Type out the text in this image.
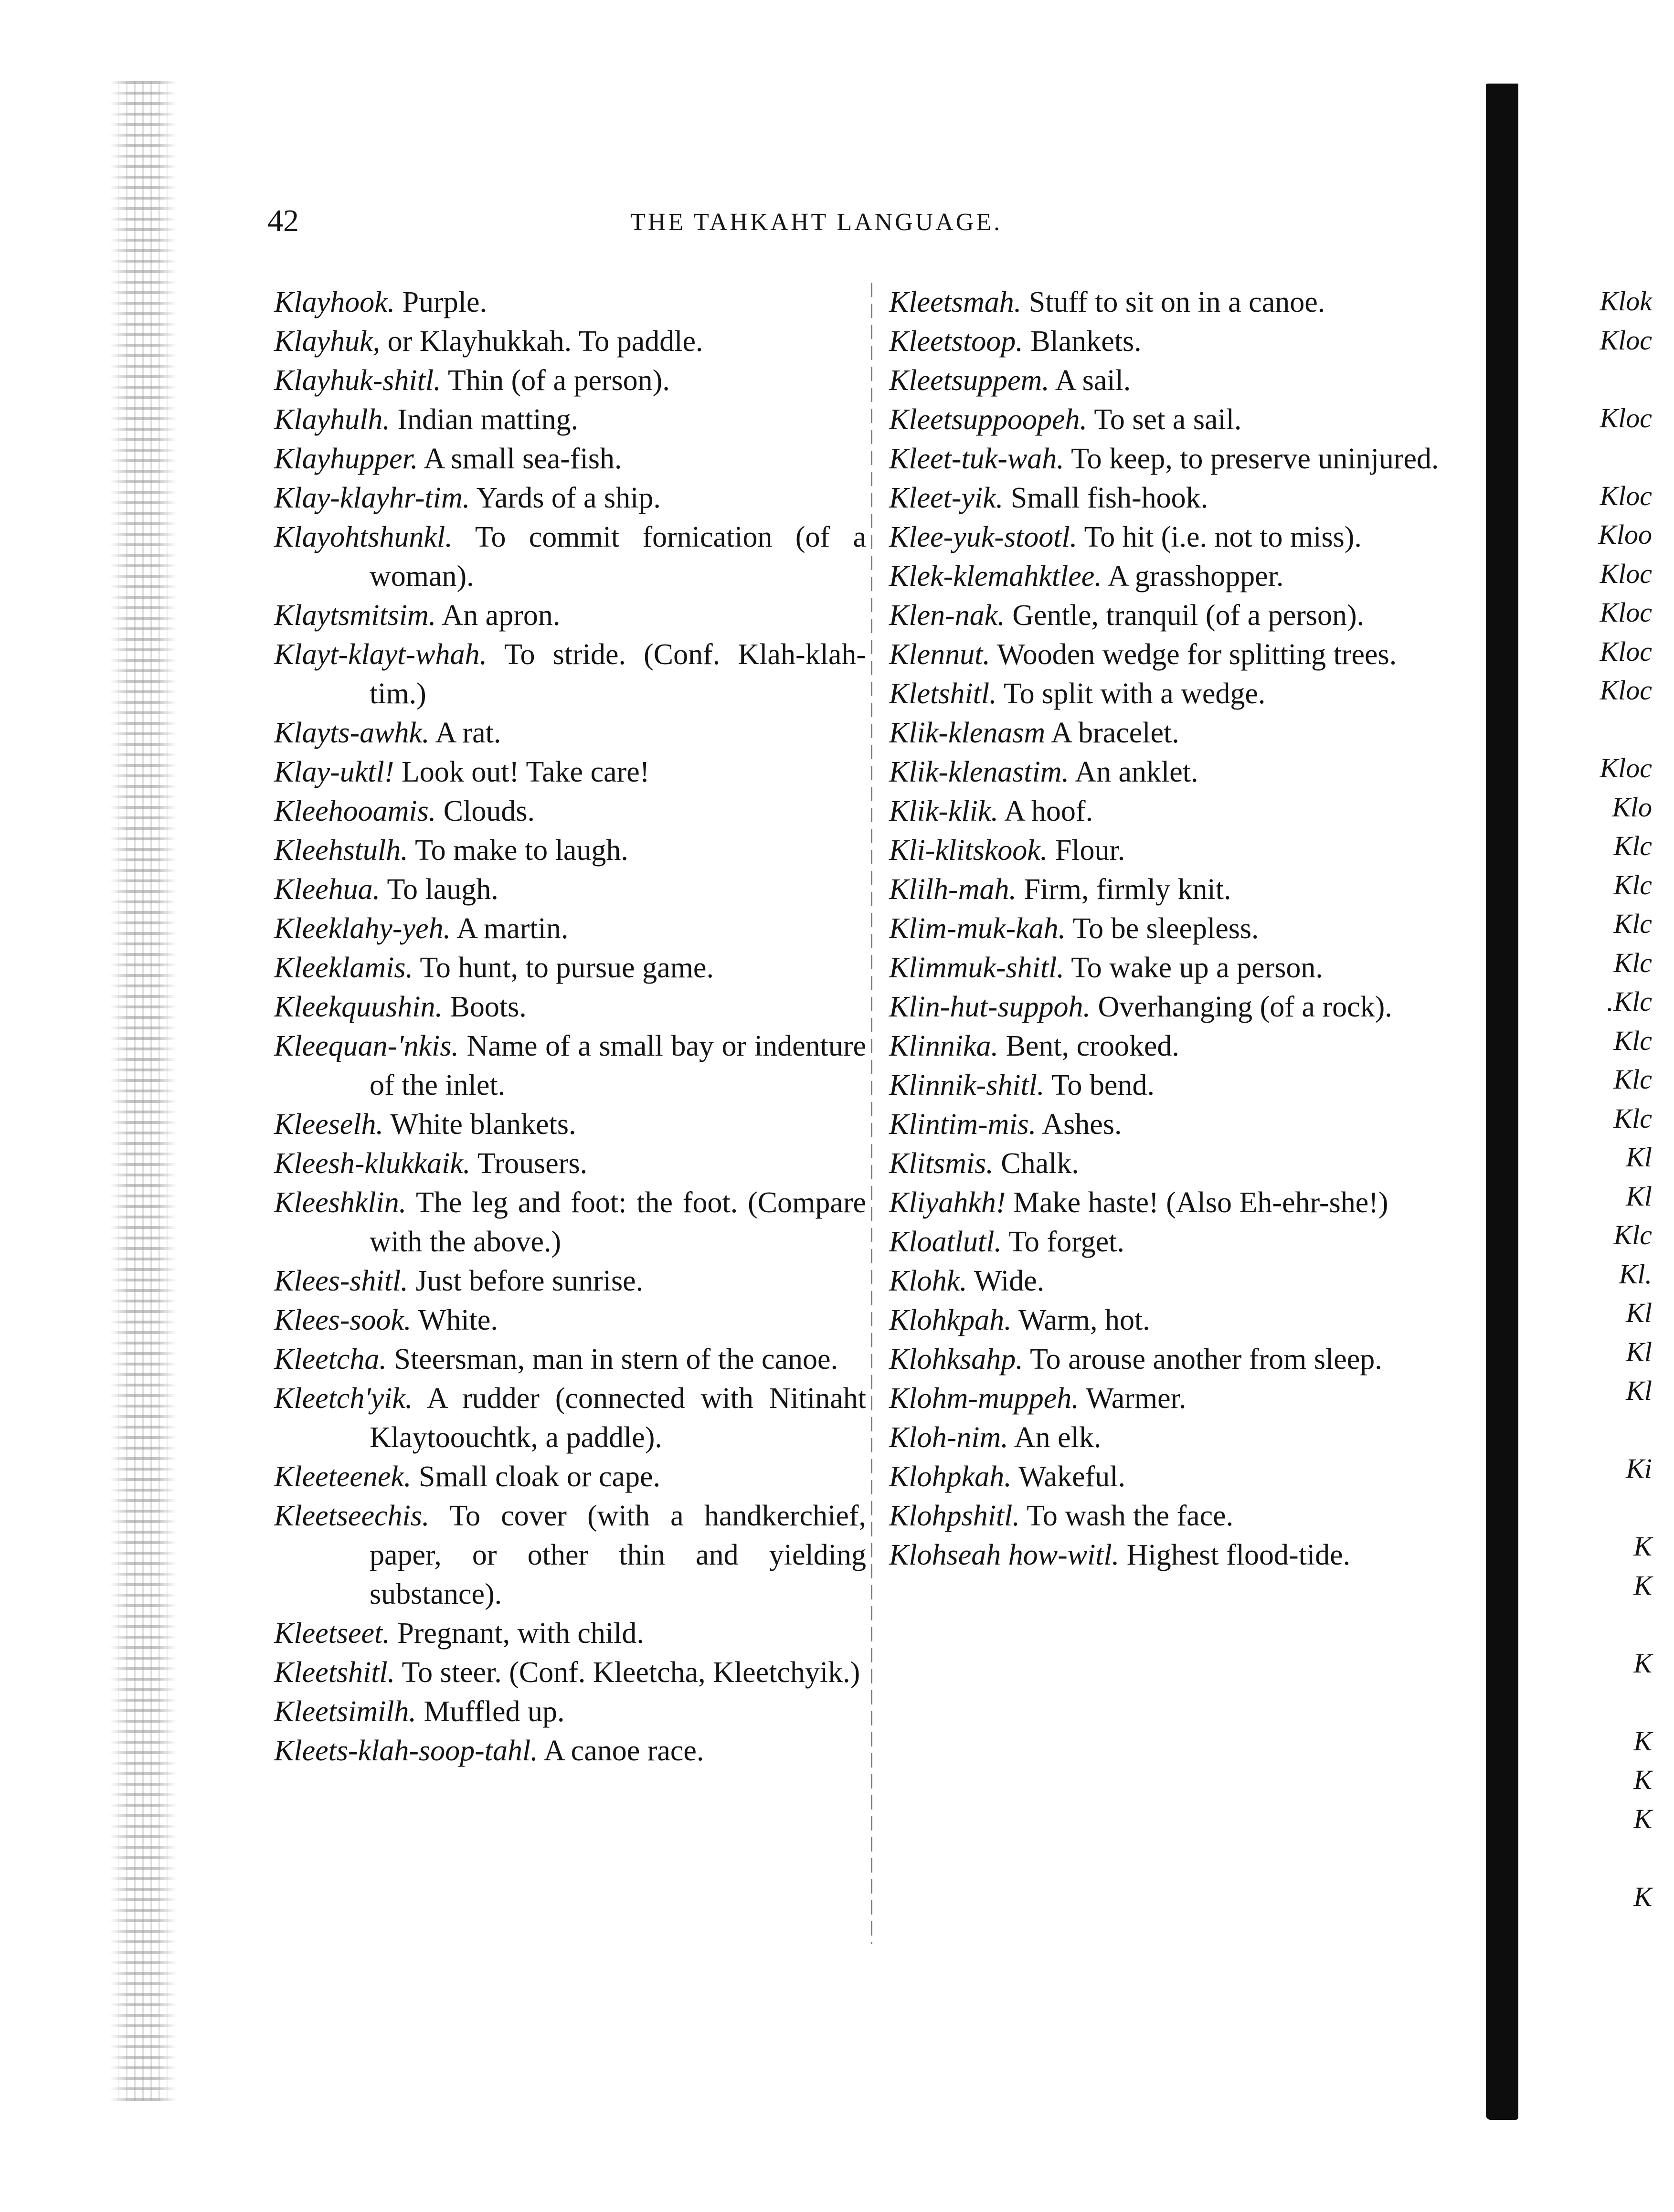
42	THE TAHKAHT LANGUAGE.

Klayhook. Purple.

Klayhuk, or Klayhukkah. To paddle.

Klayhuk-shitl. Thin (of a person).

Klayhulh. Indian matting.

Klayhupper. A small sea-fish.

Klay-klayhr-tim. Yards of a ship.

Klayohtshunkl. To commit fornication (of a woman).

Klaytsmitsim. An apron.

Klayt-klayt-whah. To stride. (Conf. Klah-klah-tim.)

Klayts-awhk. A rat.

Klay-uktl! Look out! Take care!

Kleehooamis. Clouds.

Kleehstulh. To make to laugh.

Kleehua. To laugh.

Kleeklahy-yeh. A martin.

Kleeklamis. To hunt, to pursue game.

Kleekquushin. Boots.

Kleequan-'nkis. Name of a small bay or indenture of the inlet.

Kleeselh. White blankets.

Kleesh-klukkaik. Trousers.

Kleeshklin. The leg and foot: the foot. (Compare with the above.)

Klees-shitl. Just before sunrise.

Klees-sook. White.

Kleetcha. Steersman, man in stern of the canoe.

Kleetch'yik. A rudder (connected with Nitinaht Klaytoouchtk, a paddle).

Kleeteenek. Small cloak or cape.

Kleetseechis. To cover (with a handkerchief, paper, or other thin and yielding substance).

Kleetseet. Pregnant, with child.

Kleetshitl. To steer. (Conf. Kleetcha, Kleetchyik.)

Kleetsimilh. Muffled up.

Kleets-klah-soop-tahl. A canoe race.

Kleetsmah. Stuff to sit on in a canoe.

Kleetstoop. Blankets.

Kleetsuppem. A sail.

Kleetsuppoopeh. To set a sail.

Kleet-tuk-wah. To keep, to preserve uninjured.

Kleet-yik. Small fish-hook.

Klee-yuk-stootl. To hit (i.e. not to miss).

Klek-klemahktlee. A grasshopper.

Klen-nak. Gentle, tranquil (of a person).

Klennut. Wooden wedge for splitting trees.

Kletshitl. To split with a wedge.

Klik-klenasm A bracelet.

Klik-klenastim. An anklet.

Klik-klik. A hoof.

Kli-klitskook. Flour.

Klilh-mah. Firm, firmly knit.

Klim-muk-kah. To be sleepless.

Klimmuk-shitl. To wake up a person.

Klin-hut-suppoh. Overhanging (of a rock).

Klinnika. Bent, crooked.

Klinnik-shitl. To bend.

Klintim-mis. Ashes.

Klitsmis. Chalk.

Kliyahkh! Make haste! (Also Eh-ehr-she!)

Kloatlutl. To forget.

Klohk. Wide.

Klohkpah. Warm, hot.

Klohksahp. To arouse another from sleep.

Klohm-muppeh. Warmer.

Kloh-nim. An elk.

Klohpkah. Wakeful.

Klohpshitl. To wash the face.

Klohseah how-witl. Highest flood-tide.

Klok
Kloc
Kloc
Kloc
Kloo
Kloc
Kloc
Kloc
Kloc
Kloc
Klo
Klc
Klc
Klc
Klc
.Klc
Klc
Klc
Klc
Kl
Kl
Klc
Kl.
Kl
Kl
Kl
Ki
K
K
K
K
K
K
K
